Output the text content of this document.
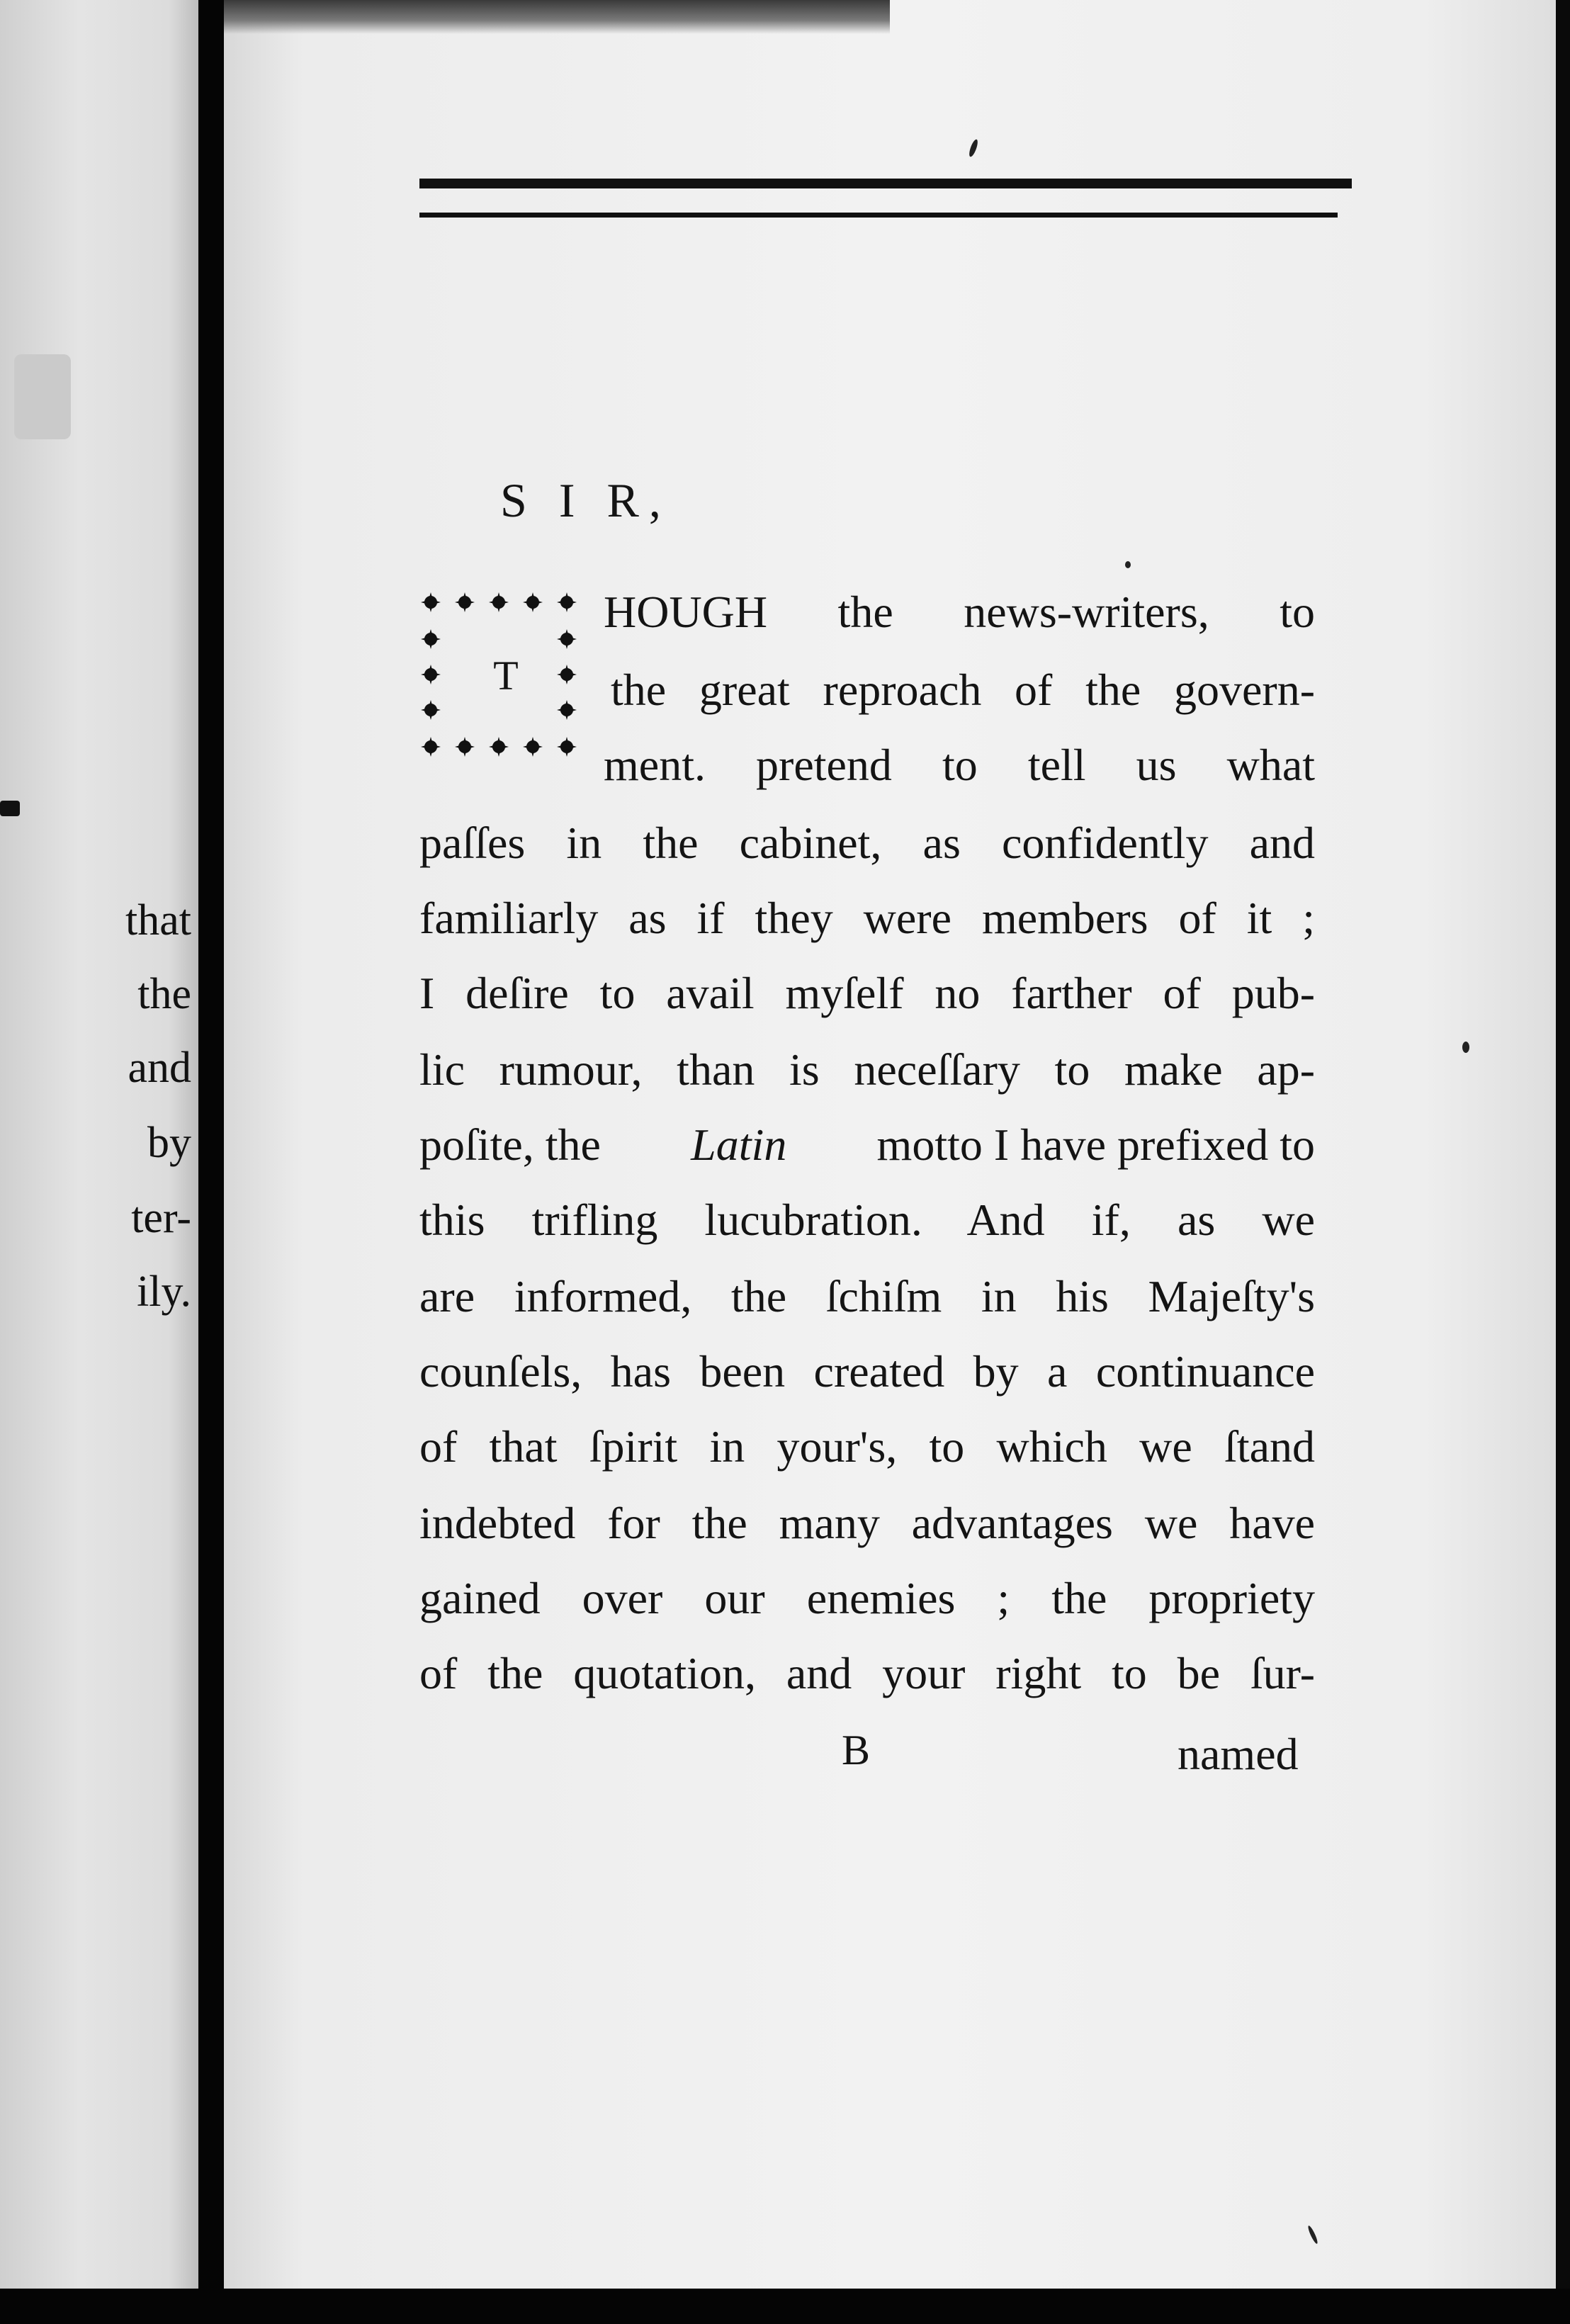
that
the
and
by
ter-
ily.
S I R,
T
HOUGH the news-writers, to
the great reproach of the govern-
ment. pretend to tell us what
paſſes in the cabinet, as confidently and
familiarly as if they were members of it ;
I deſire to avail myſelf no farther of pub-
lic rumour, than is neceſſary to make ap-
poſite, the Latin motto I have prefixed to
this trifling lucubration. And if, as we
are informed, the ſchiſm in his Majeſty's
counſels, has been created by a continuance
of that ſpirit in your's, to which we ſtand
indebted for the many advantages we have
gained over our enemies ; the propriety
of the quotation, and your right to be ſur-
B	named
